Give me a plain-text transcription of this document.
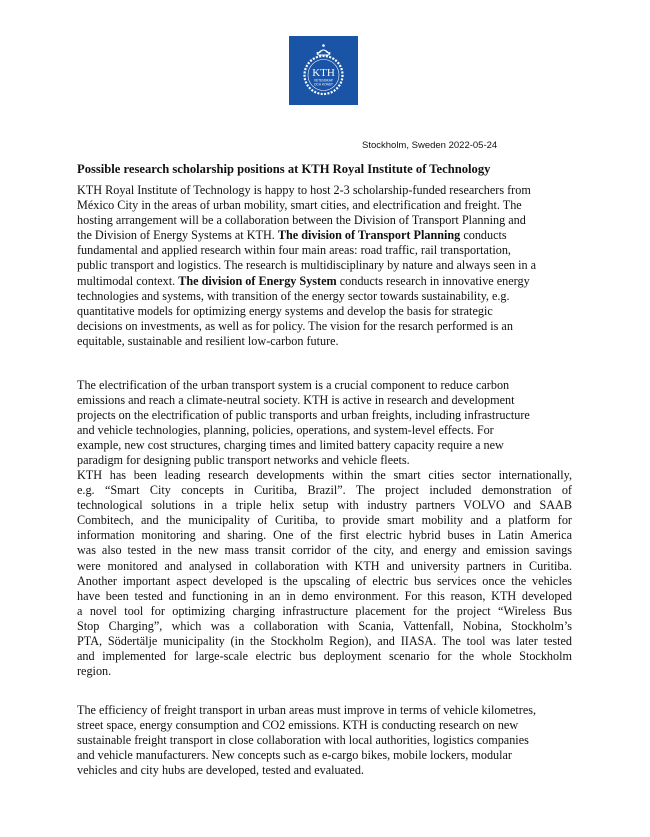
KTH
VETENSKAP
OCH KONST
Stockholm, Sweden 2022-05-24
Possible research scholarship positions at KTH Royal Institute of Technology
KTH Royal Institute of Technology is happy to host 2-3 scholarship-funded researchers from
México City in the areas of urban mobility, smart cities, and electrification and freight. The
hosting arrangement will be a collaboration between the Division of Transport Planning and
the Division of Energy Systems at KTH. The division of Transport Planning conducts
fundamental and applied research within four main areas: road traffic, rail transportation,
public transport and logistics. The research is multidisciplinary by nature and always seen in a
multimodal context. The division of Energy System conducts research in innovative energy
technologies and systems, with transition of the energy sector towards sustainability, e.g.
quantitative models for optimizing energy systems and develop the basis for strategic
decisions on investments, as well as for policy. The vision for the resarch performed is an
equitable, sustainable and resilient low-carbon future.
The electrification of the urban transport system is a crucial component to reduce carbon
emissions and reach a climate-neutral society. KTH is active in research and development
projects on the electrification of public transports and urban freights, including infrastructure
and vehicle technologies, planning, policies, operations, and system-level effects. For
example, new cost structures, charging times and limited battery capacity require a new
paradigm for designing public transport networks and vehicle fleets.
KTH has been leading research developments within the smart cities sector internationally,
e.g. “Smart City concepts in Curitiba, Brazil”. The project included demonstration of
technological solutions in a triple helix setup with industry partners VOLVO and SAAB
Combitech, and the municipality of Curitiba, to provide smart mobility and a platform for
information monitoring and sharing. One of the first electric hybrid buses in Latin America
was also tested in the new mass transit corridor of the city, and energy and emission savings
were monitored and analysed in collaboration with KTH and university partners in Curitiba.
Another important aspect developed is the upscaling of electric bus services once the vehicles
have been tested and functioning in an in demo environment. For this reason, KTH developed
a novel tool for optimizing charging infrastructure placement for the project “Wireless Bus
Stop Charging”, which was a collaboration with Scania, Vattenfall, Nobina, Stockholm’s
PTA, Södertälje municipality (in the Stockholm Region), and IIASA. The tool was later tested
and implemented for large-scale electric bus deployment scenario for the whole Stockholm
region.
The efficiency of freight transport in urban areas must improve in terms of vehicle kilometres,
street space, energy consumption and CO2 emissions. KTH is conducting research on new
sustainable freight transport in close collaboration with local authorities, logistics companies
and vehicle manufacturers. New concepts such as e-cargo bikes, mobile lockers, modular
vehicles and city hubs are developed, tested and evaluated.
